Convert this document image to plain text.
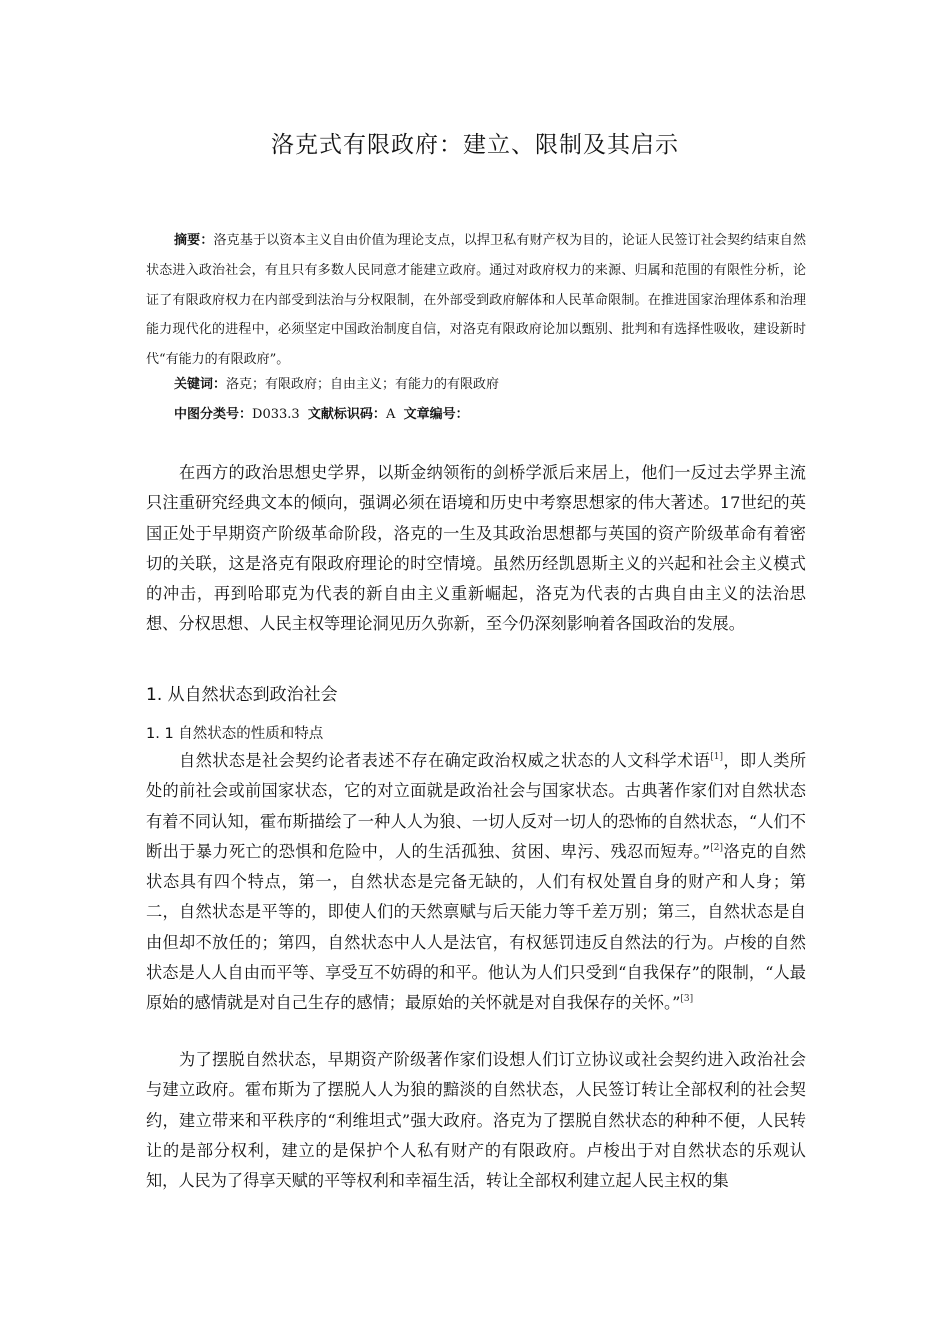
洛克式有限政府：建立、限制及其启示

摘要：洛克基于以资本主义自由价值为理论支点，以捍卫私有财产权为目的，论证人民签订社会契约结束自然状态进入政治社会，有且只有多数人民同意才能建立政府。通过对政府权力的来源、归属和范围的有限性分析，论证了有限政府权力在内部受到法治与分权限制，在外部受到政府解体和人民革命限制。在推进国家治理体系和治理能力现代化的进程中，必须坚定中国政治制度自信，对洛克有限政府论加以甄别、批判和有选择性吸收，建设新时代“有能力的有限政府”。

关键词：洛克；有限政府；自由主义；有能力的有限政府

中图分类号：D033.3 文献标识码：A 文章编号：

在西方的政治思想史学界，以斯金纳领衔的剑桥学派后来居上，他们一反过去学界主流只注重研究经典文本的倾向，强调必须在语境和历史中考察思想家的伟大著述。17世纪的英国正处于早期资产阶级革命阶段，洛克的一生及其政治思想都与英国的资产阶级革命有着密切的关联，这是洛克有限政府理论的时空情境。虽然历经凯恩斯主义的兴起和社会主义模式的冲击，再到哈耶克为代表的新自由主义重新崛起，洛克为代表的古典自由主义的法治思想、分权思想、人民主权等理论洞见历久弥新，至今仍深刻影响着各国政治的发展。

1. 从自然状态到政治社会
1. 1 自然状态的性质和特点

自然状态是社会契约论者表述不存在确定政治权威之状态的人文科学术语[1]，即人类所处的前社会或前国家状态，它的对立面就是政治社会与国家状态。古典著作家们对自然状态有着不同认知，霍布斯描绘了一种人人为狼、一切人反对一切人的恐怖的自然状态，“人们不断出于暴力死亡的恐惧和危险中，人的生活孤独、贫困、卑污、残忍而短寿。”[2]洛克的自然状态具有四个特点，第一，自然状态是完备无缺的，人们有权处置自身的财产和人身；第二，自然状态是平等的，即使人们的天然禀赋与后天能力等千差万别；第三，自然状态是自由但却不放任的；第四，自然状态中人人是法官，有权惩罚违反自然法的行为。卢梭的自然状态是人人自由而平等、享受互不妨碍的和平。他认为人们只受到“自我保存”的限制，“人最原始的感情就是对自己生存的感情；最原始的关怀就是对自我保存的关怀。”[3]

为了摆脱自然状态，早期资产阶级著作家们设想人们订立协议或社会契约进入政治社会与建立政府。霍布斯为了摆脱人人为狼的黯淡的自然状态，人民签订转让全部权利的社会契约，建立带来和平秩序的“利维坦式”强大政府。洛克为了摆脱自然状态的种种不便，人民转让的是部分权利，建立的是保护个人私有财产的有限政府。卢梭出于对自然状态的乐观认知，人民为了得享天赋的平等权利和幸福生活，转让全部权利建立起人民主权的集
